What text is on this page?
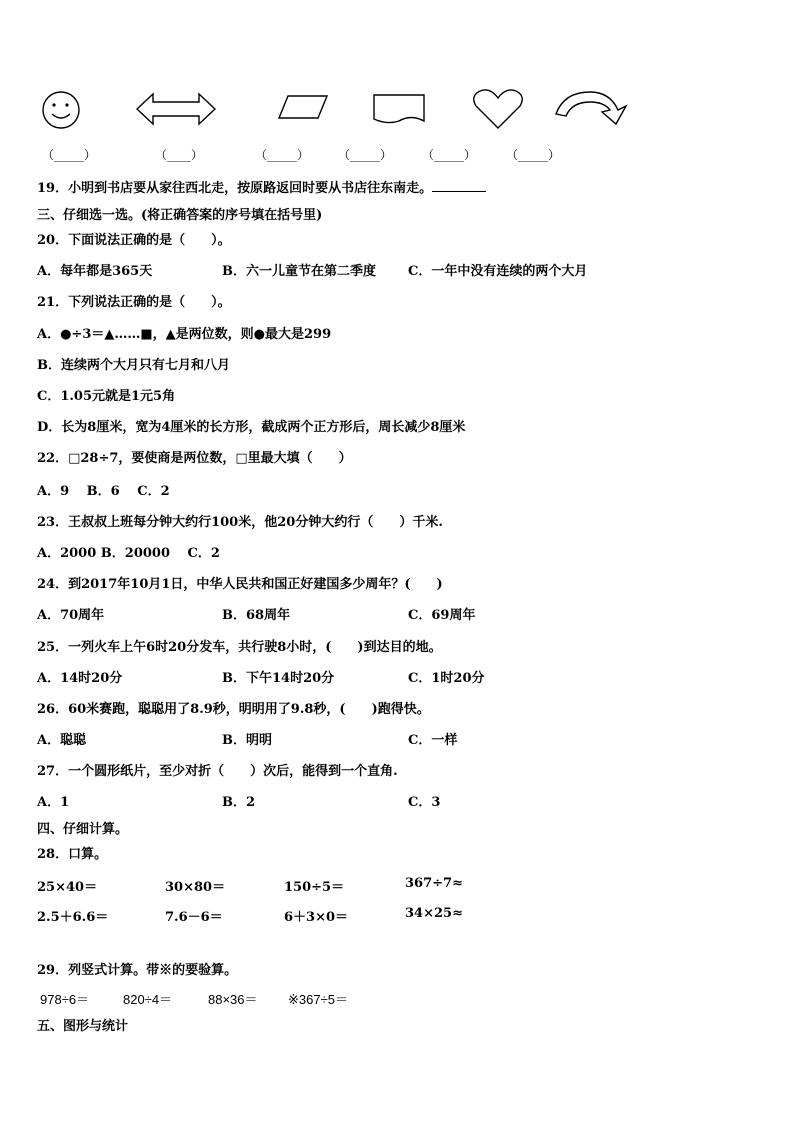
（_____）	（____）	（_____） （_____） （_____） （_____）
19．小明到书店要从家往西北走，按原路返回时要从书店往东南走。
三、仔细选一选。(将正确答案的序号填在括号里)
20．下面说法正确的是（　　）。
A．每年都是365天	B．六一儿童节在第二季度 C．一年中没有连续的两个大月
21．下列说法正确的是（　　）。
A．●÷3＝▲……■，▲是两位数，则●最大是299
B．连续两个大月只有七月和八月
C．1.05元就是1元5角
D．长为8厘米，宽为4厘米的长方形，截成两个正方形后，周长减少8厘米
22．□28÷7，要使商是两位数，□里最大填（　　）
A．9　 B．6　 C．2
23．王叔叔上班每分钟大约行100米，他20分钟大约行（　　）千米.
A．2000 B．20000　 C．2
24．到2017年10月1日，中华人民共和国正好建国多少周年？(　　)
A．70周年	B．68周年	C．69周年
25．一列火车上午6时20分发车，共行驶8小时，(　　)到达目的地。
A．14时20分	B．下午14时20分	C．1时20分
26．60米赛跑，聪聪用了8.9秒，明明用了9.8秒，(　　)跑得快。
A．聪聪	B．明明	C．一样
27．一个圆形纸片，至少对折（　　）次后，能得到一个直角.
A．1	B．2	C．3
四、仔细计算。
28．口算。
25×40＝	30×80＝	150÷5＝	367÷7≈
2.5＋6.6＝	7.6－6＝	6＋3×0＝	34×25≈
29．列竖式计算。带※的要验算。
978÷6＝	820÷4＝	88×36＝ ※367÷5＝
五、图形与统计
